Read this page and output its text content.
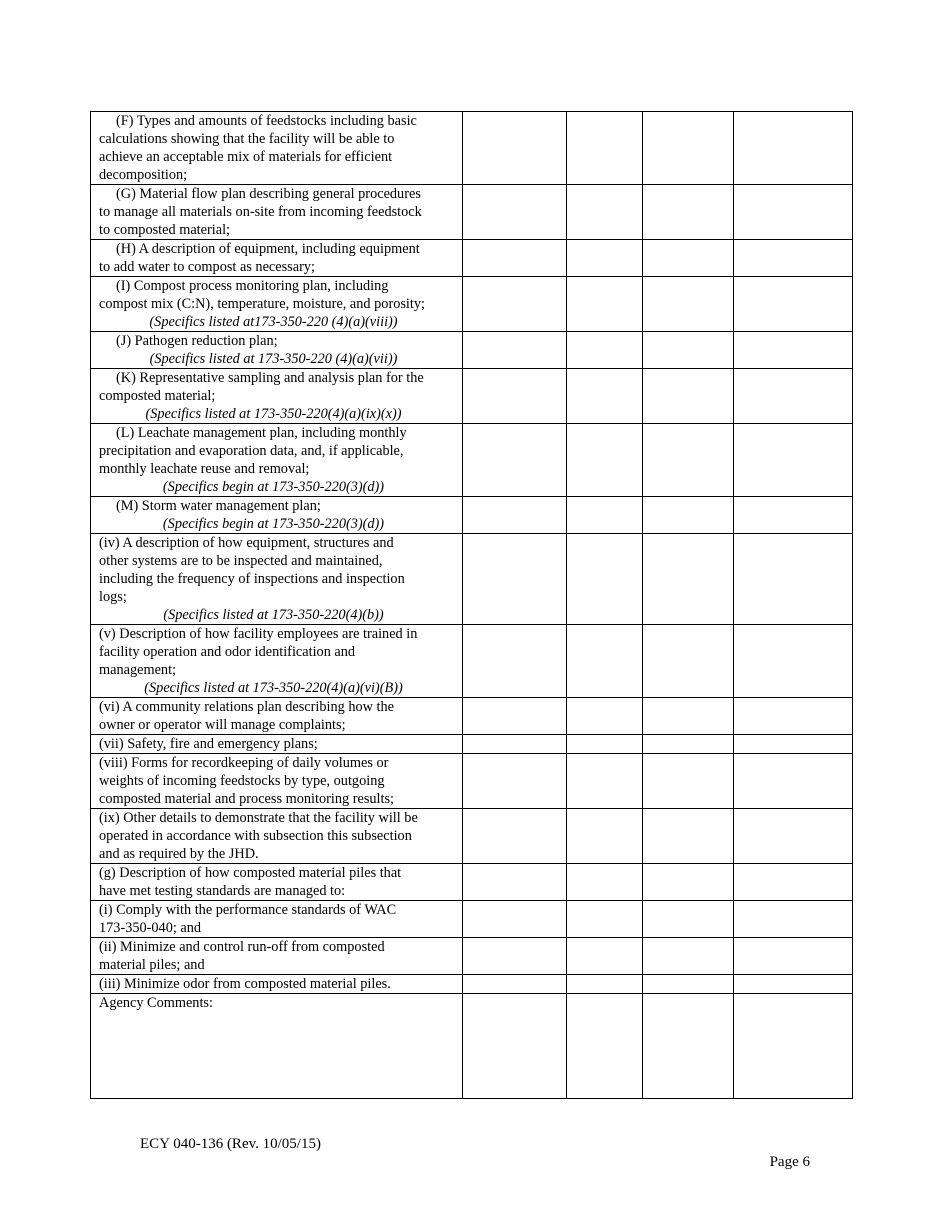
(F) Types and amounts of feedstocks including basic
calculations showing that the facility will be able to
achieve an acceptable mix of materials for efficient
decomposition;				

(G) Material flow plan describing general procedures
to manage all materials on-site from incoming feedstock
to composted material;				

(H) A description of equipment, including equipment
to add water to compost as necessary;				

(I) Compost process monitoring plan, including
compost mix (C:N), temperature, moisture, and porosity;
(Specifics listed at173-350-220 (4)(a)(viii))				

(J) Pathogen reduction plan;
(Specifics listed at 173-350-220 (4)(a)(vii))				

(K) Representative sampling and analysis plan for the
composted material;
(Specifics listed at 173-350-220(4)(a)(ix)(x))				

(L) Leachate management plan, including monthly
precipitation and evaporation data, and, if applicable,
monthly leachate reuse and removal;
(Specifics begin at 173-350-220(3)(d))				

(M) Storm water management plan;
(Specifics begin at 173-350-220(3)(d))				

(iv) A description of how equipment, structures and
other systems are to be inspected and maintained,
including the frequency of inspections and inspection
logs;
(Specifics listed at 173-350-220(4)(b))				

(v) Description of how facility employees are trained in
facility operation and odor identification and
management;
(Specifics listed at 173-350-220(4)(a)(vi)(B))				

(vi) A community relations plan describing how the
owner or operator will manage complaints;				

(vii) Safety, fire and emergency plans;				

(viii) Forms for recordkeeping of daily volumes or
weights of incoming feedstocks by type, outgoing
composted material and process monitoring results;				

(ix) Other details to demonstrate that the facility will be
operated in accordance with subsection this subsection
and as required by the JHD.				

(g) Description of how composted material piles that
have met testing standards are managed to:				

(i) Comply with the performance standards of WAC
173-350-040; and				

(ii) Minimize and control run-off from composted
material piles; and				

(iii) Minimize odor from composted material piles.				

Agency Comments:				

ECY 040-136 (Rev. 10/05/15)
Page 6
